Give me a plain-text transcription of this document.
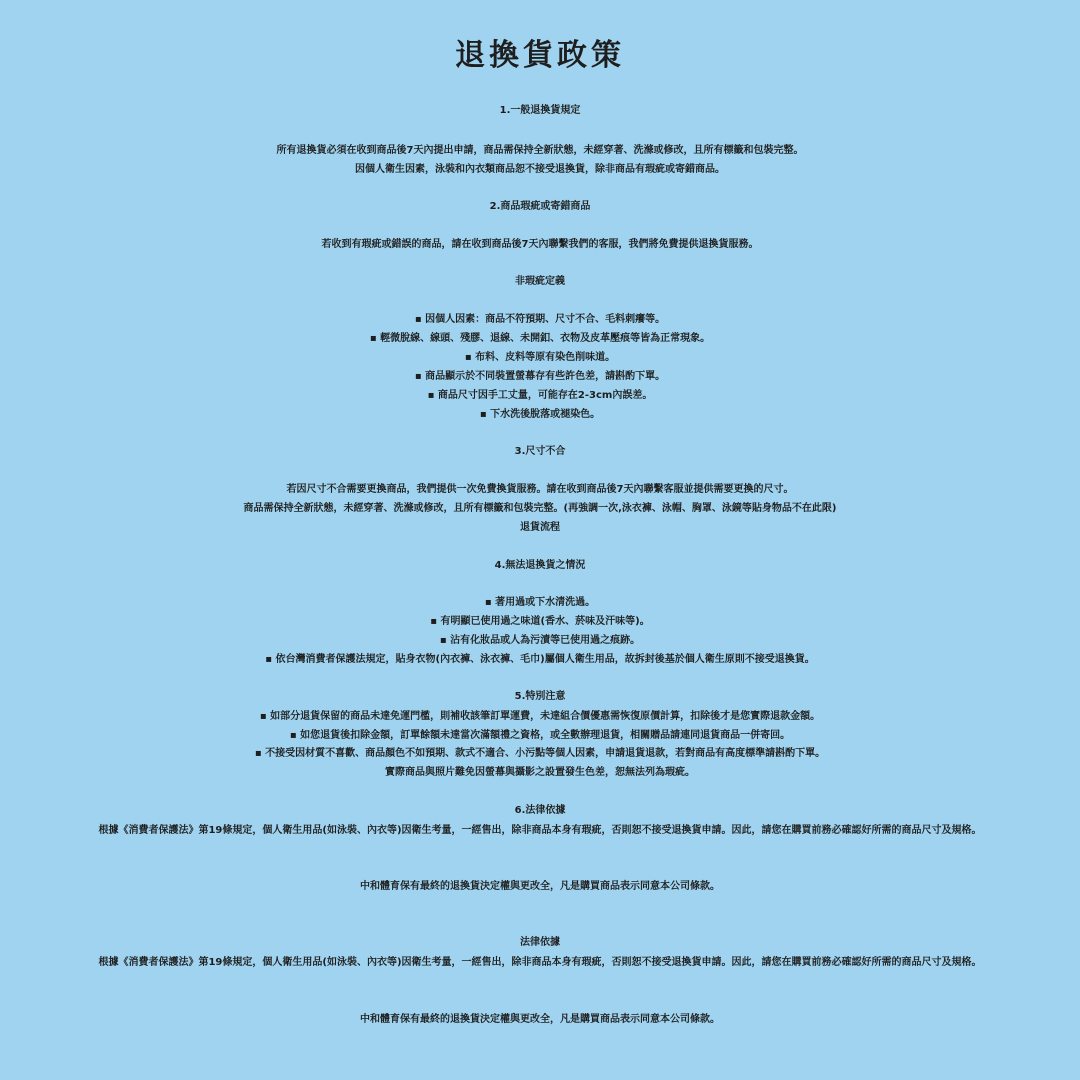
退換貨政策
1.一般退換貨規定
所有退換貨必須在收到商品後7天內提出申請，商品需保持全新狀態，未經穿著、洗滌或修改，且所有標籤和包裝完整。
因個人衛生因素，泳裝和內衣類商品恕不接受退換貨，除非商品有瑕疵或寄錯商品。
2.商品瑕疵或寄錯商品
若收到有瑕疵或錯誤的商品，請在收到商品後7天內聯繫我們的客服，我們將免費提供退換貨服務。
非瑕疵定義
▪ 因個人因素：商品不符預期、尺寸不合、毛料刺癢等。
▪ 輕微脫線、線頭、殘膠、退線、未開釦、衣物及皮革壓痕等皆為正常現象。
▪ 布料、皮料等原有染色削味道。
▪ 商品顯示於不同裝置螢幕存有些許色差，請斟酌下單。
▪ 商品尺寸因手工丈量，可能存在2-3cm內誤差。
▪ 下水洗後脫落或褪染色。
3.尺寸不合
若因尺寸不合需要更換商品，我們提供一次免費換貨服務。請在收到商品後7天內聯繫客服並提供需要更換的尺寸。
商品需保持全新狀態，未經穿著、洗滌或修改，且所有標籤和包裝完整。(再強調一次,泳衣褲、泳帽、胸罩、泳鏡等貼身物品不在此限)
退貨流程
4.無法退換貨之情況
▪ 著用過或下水清洗過。
▪ 有明顯已使用過之味道(香水、菸味及汗味等)。
▪ 沾有化妝品或人為污漬等已使用過之痕跡。
▪ 依台灣消費者保護法規定，貼身衣物(內衣褲、泳衣褲、毛巾)屬個人衛生用品，故拆封後基於個人衛生原則不接受退換貨。
5.特別注意
▪ 如部分退貨保留的商品未達免運門檻，則補收該筆訂單運費，未達組合價優惠需恢復原價計算，扣除後才是您實際退款金額。
▪ 如您退貨後扣除金額，訂單餘額未達當次滿額禮之資格，或全數辦理退貨，相關贈品請連同退貨商品一併寄回。
▪ 不接受因材質不喜歡、商品顏色不如預期、款式不適合、小污點等個人因素，申請退貨退款，若對商品有高度標準請斟酌下單。
實際商品與照片難免因螢幕與攝影之設置發生色差，恕無法列為瑕疵。
6.法律依據
根據《消費者保護法》第19條規定，個人衛生用品(如泳裝、內衣等)因衛生考量，一經售出，除非商品本身有瑕疵，否則恕不接受退換貨申請。因此，請您在購買前務必確認好所需的商品尺寸及規格。
中和體育保有最終的退換貨決定權與更改全，凡是購買商品表示同意本公司條款。
法律依據
根據《消費者保護法》第19條規定，個人衛生用品(如泳裝、內衣等)因衛生考量，一經售出，除非商品本身有瑕疵，否則恕不接受退換貨申請。因此，請您在購買前務必確認好所需的商品尺寸及規格。
中和體育保有最終的退換貨決定權與更改全，凡是購買商品表示同意本公司條款。
